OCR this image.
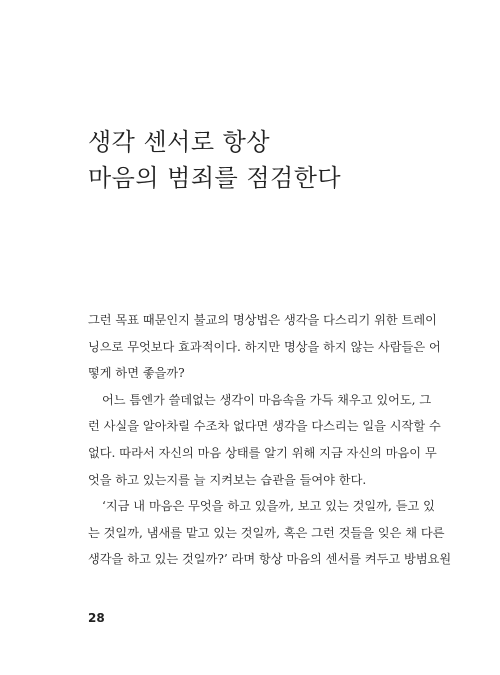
생각 센서로 항상
마음의 범죄를 점검한다
그런 목표 때문인지 불교의 명상법은 생각을 다스리기 위한 트레이
닝으로 무엇보다 효과적이다. 하지만 명상을 하지 않는 사람들은 어
떻게 하면 좋을까?
어느 틈엔가 쓸데없는 생각이 마음속을 가득 채우고 있어도, 그
런 사실을 알아차릴 수조차 없다면 생각을 다스리는 일을 시작할 수
없다. 따라서 자신의 마음 상태를 알기 위해 지금 자신의 마음이 무
엇을 하고 있는지를 늘 지켜보는 습관을 들여야 한다.
‘지금 내 마음은 무엇을 하고 있을까, 보고 있는 것일까, 듣고 있
는 것일까, 냄새를 맡고 있는 것일까, 혹은 그런 것들을 잊은 채 다른
생각을 하고 있는 것일까?’ 라며 항상 마음의 센서를 켜두고 방범요원
28
